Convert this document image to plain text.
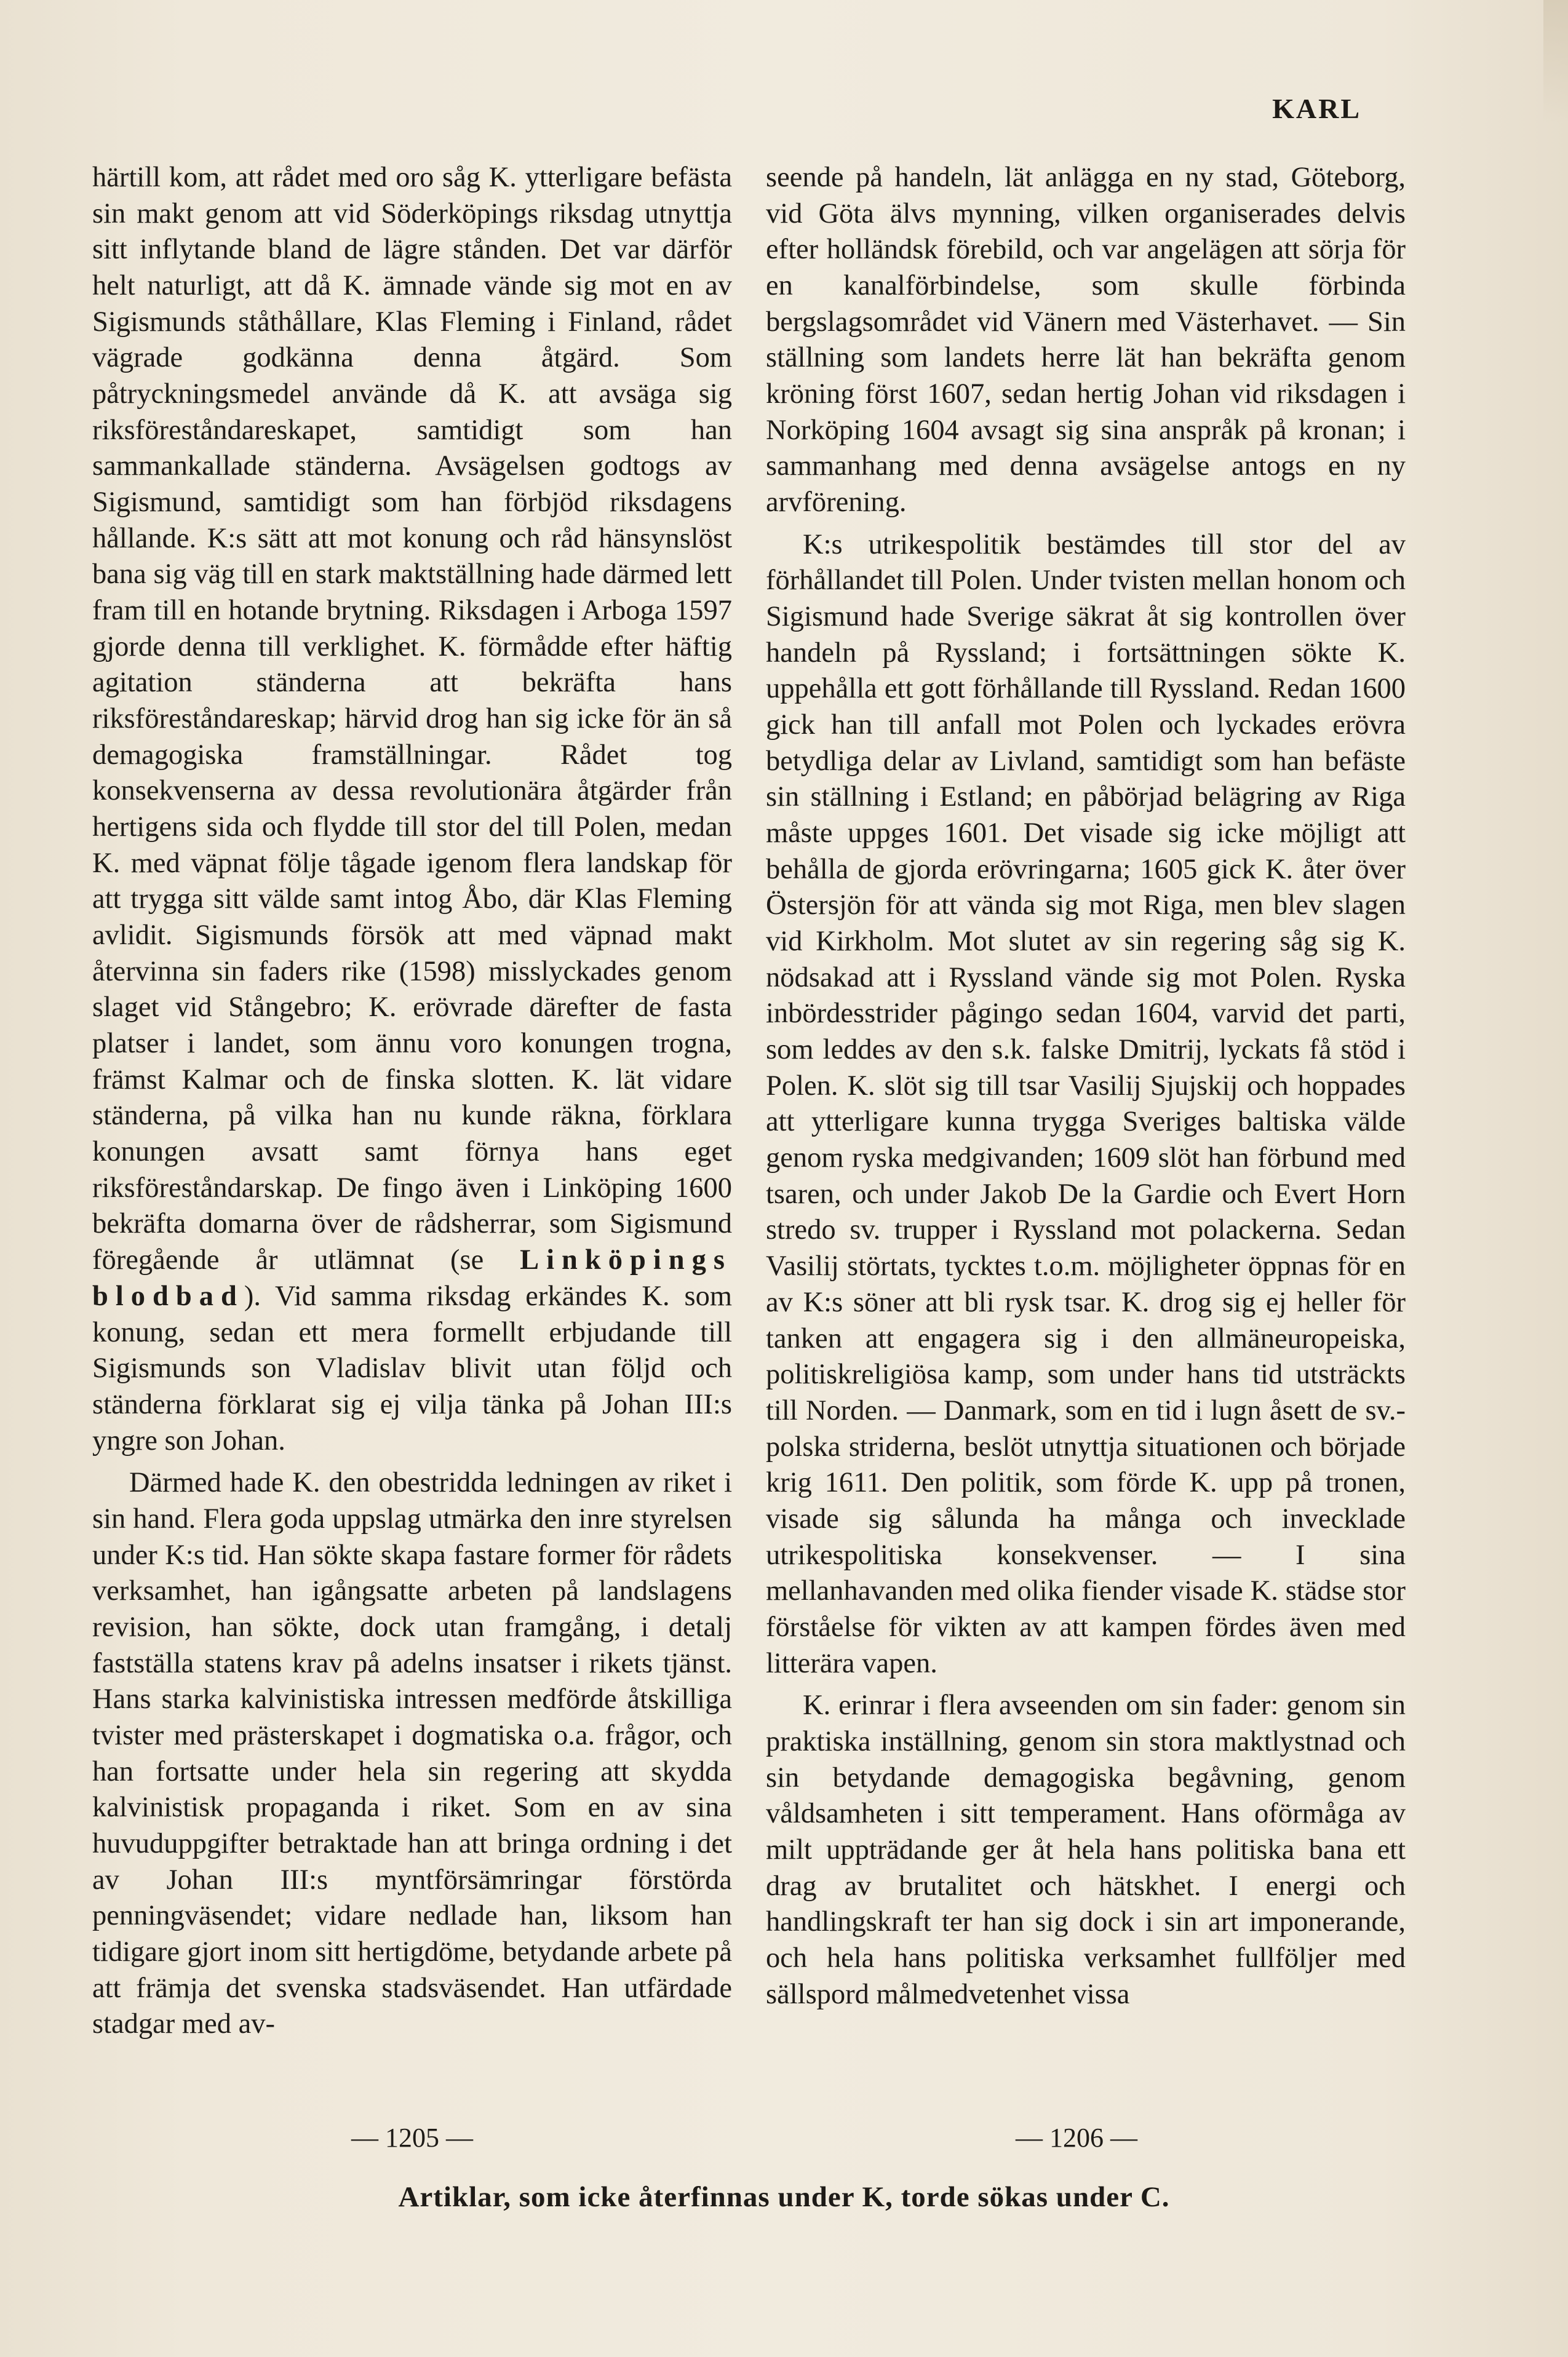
KARL

härtill kom, att rådet med oro såg K. ytterligare befästa sin makt genom att vid Söderköpings riksdag utnyttja sitt inflytande bland de lägre stånden. Det var därför helt naturligt, att då K. ämnade vände sig mot en av Sigismunds ståthållare, Klas Fleming i Finland, rådet vägrade godkänna denna åtgärd. Som påtryckningsmedel använde då K. att avsäga sig riksföreståndareskapet, samtidigt som han sammankallade ständerna. Avsägelsen godtogs av Sigismund, samtidigt som han förbjöd riksdagens hållande. K:s sätt att mot konung och råd hänsynslöst bana sig väg till en stark maktställning hade därmed lett fram till en hotande brytning. Riksdagen i Arboga 1597 gjorde denna till verklighet. K. förmådde efter häftig agitation ständerna att bekräfta hans riksföreståndareskap; härvid drog han sig icke för än så demagogiska framställningar. Rådet tog konsekvenserna av dessa revolutionära åtgärder från hertigens sida och flydde till stor del till Polen, medan K. med väpnat följe tågade igenom flera landskap för att trygga sitt välde samt intog Åbo, där Klas Fleming avlidit. Sigismunds försök att med väpnad makt återvinna sin faders rike (1598) misslyckades genom slaget vid Stångebro; K. erövrade därefter de fasta platser i landet, som ännu voro konungen trogna, främst Kalmar och de finska slotten. K. lät vidare ständerna, på vilka han nu kunde räkna, förklara konungen avsatt samt förnya hans eget riksföreståndarskap. De fingo även i Linköping 1600 bekräfta domarna över de rådsherrar, som Sigismund föregående år utlämnat (se Linköpings blodbad). Vid samma riksdag erkändes K. som konung, sedan ett mera formellt erbjudande till Sigismunds son Vladislav blivit utan följd och ständerna förklarat sig ej vilja tänka på Johan III:s yngre son Johan.

Därmed hade K. den obestridda ledningen av riket i sin hand. Flera goda uppslag utmärka den inre styrelsen under K:s tid. Han sökte skapa fastare former för rådets verksamhet, han igångsatte arbeten på landslagens revision, han sökte, dock utan framgång, i detalj fastställa statens krav på adelns insatser i rikets tjänst. Hans starka kalvinistiska intressen medförde åtskilliga tvister med prästerskapet i dogmatiska o.a. frågor, och han fortsatte under hela sin regering att skydda kalvinistisk propaganda i riket. Som en av sina huvuduppgifter betraktade han att bringa ordning i det av Johan III:s myntförsämringar förstörda penningväsendet; vidare nedlade han, liksom han tidigare gjort inom sitt hertigdöme, betydande arbete på att främja det svenska stadsväsendet. Han utfärdade stadgar med av-

seende på handeln, lät anlägga en ny stad, Göteborg, vid Göta älvs mynning, vilken organiserades delvis efter holländsk förebild, och var angelägen att sörja för en kanalförbindelse, som skulle förbinda bergslagsområdet vid Vänern med Västerhavet. — Sin ställning som landets herre lät han bekräfta genom kröning först 1607, sedan hertig Johan vid riksdagen i Norköping 1604 avsagt sig sina anspråk på kronan; i sammanhang med denna avsägelse antogs en ny arvförening.

K:s utrikespolitik bestämdes till stor del av förhållandet till Polen. Under tvisten mellan honom och Sigismund hade Sverige säkrat åt sig kontrollen över handeln på Ryssland; i fortsättningen sökte K. uppehålla ett gott förhållande till Ryssland. Redan 1600 gick han till anfall mot Polen och lyckades erövra betydliga delar av Livland, samtidigt som han befäste sin ställning i Estland; en påbörjad belägring av Riga måste uppges 1601. Det visade sig icke möjligt att behålla de gjorda erövringarna; 1605 gick K. åter över Östersjön för att vända sig mot Riga, men blev slagen vid Kirkholm. Mot slutet av sin regering såg sig K. nödsakad att i Ryssland vände sig mot Polen. Ryska inbördesstrider pågingo sedan 1604, varvid det parti, som leddes av den s.k. falske Dmitrij, lyckats få stöd i Polen. K. slöt sig till tsar Vasilij Sjujskij och hoppades att ytterligare kunna trygga Sveriges baltiska välde genom ryska medgivanden; 1609 slöt han förbund med tsaren, och under Jakob De la Gardie och Evert Horn stredo sv. trupper i Ryssland mot polackerna. Sedan Vasilij störtats, tycktes t.o.m. möjligheter öppnas för en av K:s söner att bli rysk tsar. K. drog sig ej heller för tanken att engagera sig i den allmäneuropeiska, politiskreligiösa kamp, som under hans tid utsträckts till Norden. — Danmark, som en tid i lugn åsett de sv.-polska striderna, beslöt utnyttja situationen och började krig 1611. Den politik, som förde K. upp på tronen, visade sig sålunda ha många och invecklade utrikespolitiska konsekvenser. — I sina mellanhavanden med olika fiender visade K. städse stor förståelse för vikten av att kampen fördes även med litterära vapen.

K. erinrar i flera avseenden om sin fader: genom sin praktiska inställning, genom sin stora maktlystnad och sin betydande demagogiska begåvning, genom våldsamheten i sitt temperament. Hans oförmåga av milt uppträdande ger åt hela hans politiska bana ett drag av brutalitet och hätskhet. I energi och handlingskraft ter han sig dock i sin art imponerande, och hela hans politiska verksamhet fullföljer med sällspord målmedvetenhet vissa

— 1205 —	— 1206 —
Artiklar, som icke återfinnas under K, torde sökas under C.
